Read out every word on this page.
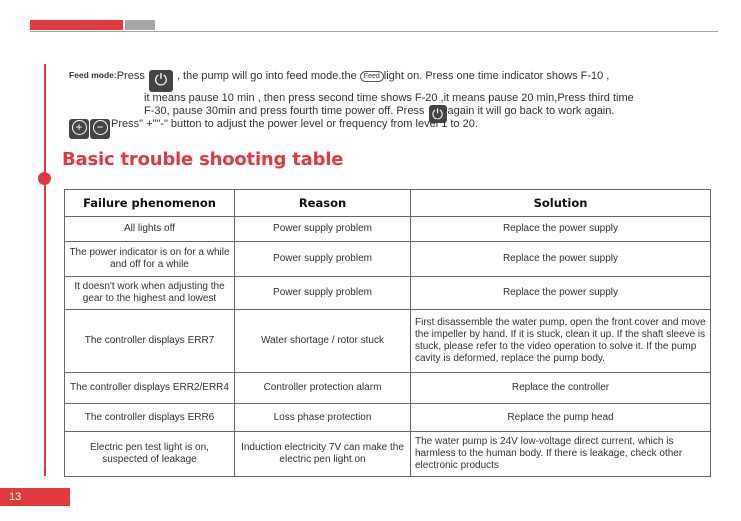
Feed mode:Press ⏻ , the pump will go into feed mode.the Feed light on. Press one time indicator shows F-10 ,
it means pause 10 min , then press second time shows F-20 ,it means pause 20 min,Press third time
F-30, pause 30min and press fourth time power off. Press ⏻ again it will go back to work again.
+ − Press" +""-" button to adjust the power level or frequency from level 1 to 20.
Basic trouble shooting table
Failure phenomenon	Reason	Solution
All lights off	Power supply problem	Replace the power supply
The power indicator is on for a while and off for a while	Power supply problem	Replace the power supply
It doesn't work when adjusting the gear to the highest and lowest	Power supply problem	Replace the power supply
The controller displays ERR7	Water shortage / rotor stuck	First disassemble the water pump, open the front cover and move the impeller by hand. If it is stuck, clean it up. If the shaft sleeve is stuck, please refer to the video operation to solve it. If the pump cavity is deformed, replace the pump body.
The controller displays ERR2/ERR4	Controller protection alarm	Replace the controller
The controller displays ERR6	Loss phase protection	Replace the pump head
Electric pen test light is on, suspected of leakage	Induction electricity 7V can make the electric pen light on	The water pump is 24V low-voltage direct current, which is harmless to the human body. If there is leakage, check other electronic products
13
